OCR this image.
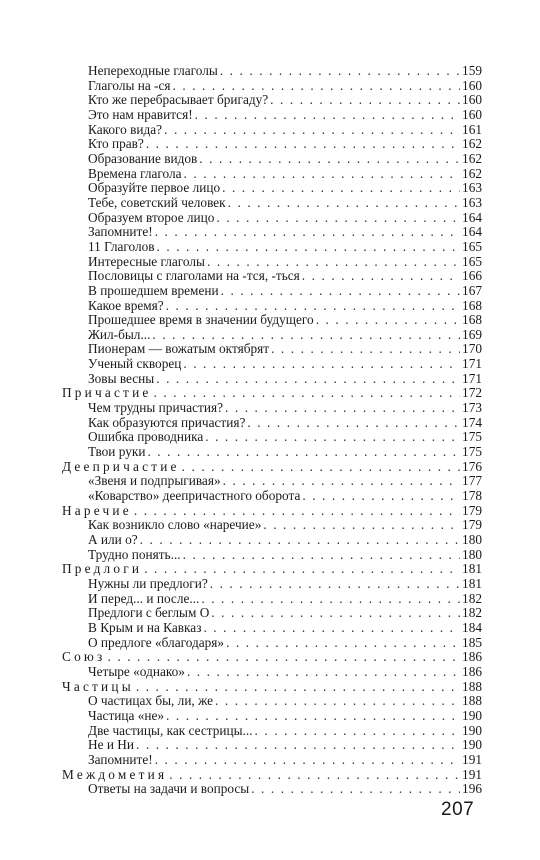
Непереходные глаголы . . .	159
Глаголы на -ся . . .	160
Кто же перебрасывает бригаду? . . .	160
Это нам нравится! . . .	160
Какого вида? . . .	161
Кто прав? . . .	162
Образование видов . . .	162
Времена глагола . . .	162
Образуйте первое лицо . . .	163
Тебе, советский человек . . .	163
Образуем второе лицо . . .	164
Запомните! . . .	164
11 Глаголов . . .	165
Интересные глаголы . . .	165
Пословицы с глаголами на -тся, -ться . . .	166
В прошедшем времени . . .	167
Какое время? . . .	168
Прошедшее время в значении будущего . . .	168
Жил-был... . . .	169
Пионерам — вожатым октябрят . . .	170
Ученый скворец . . .	171
Зовы весны . . .	171
Причастие . . .	172
Чем трудны причастия? . . .	173
Как образуются причастия? . . .	174
Ошибка проводника . . .	175
Твои руки . . .	175
Деепричастие . . .	176
«Звеня и подпрыгивая» . . .	177
«Коварство» деепричастного оборота . . .	178
Наречие . . .	179
Как возникло слово «наречие» . . .	179
А или о? . . .	180
Трудно понять... . . .	180
Предлоги . . .	181
Нужны ли предлоги? . . .	181
И перед... и после... . . .	182
Предлоги с беглым О . . .	182
В Крым и на Кавказ . . .	184
О предлоге «благодаря» . . .	185
Союз . . .	186
Четыре «однако» . . .	186
Частицы . . .	188
О частицах бы, ли, же . . .	188
Частица «не» . . .	190
Две частицы, как сестрицы... . . .	190
Не и Ни . . .	190
Запомните! . . .	191
Междометия . . .	191
Ответы на задачи и вопросы . . .	196
207
